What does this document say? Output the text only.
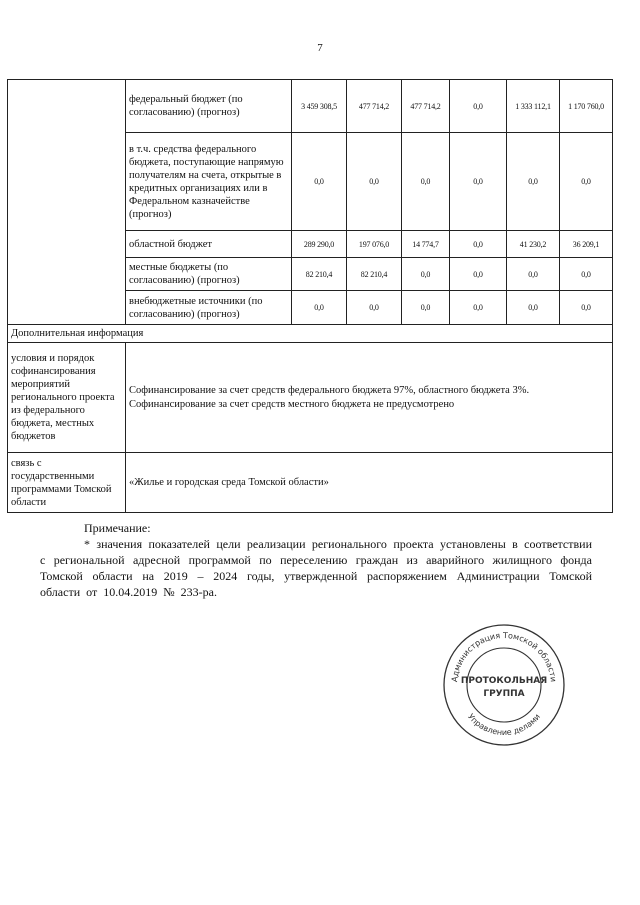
7
	федеральный бюджет (по согласованию) (прогноз)	3 459 308,5	477 714,2	477 714,2	0,0	1 333 112,1	1 170 760,0
	в т.ч. средства федерального бюджета, поступающие напрямую получателям на счета, открытые в кредитных организациях или в Федеральном казначействе (прогноз)	0,0	0,0	0,0	0,0	0,0	0,0
	областной бюджет	289 290,0	197 076,0	14 774,7	0,0	41 230,2	36 209,1
	местные бюджеты (по согласованию) (прогноз)	82 210,4	82 210,4	0,0	0,0	0,0	0,0
	внебюджетные источники (по согласованию) (прогноз)	0,0	0,0	0,0	0,0	0,0	0,0
Дополнительная информация							
условия и порядок софинансирования мероприятий регионального проекта из федерального бюджета, местных бюджетов	Софинансирование за счет средств федерального бюджета 97%, областного бюджета 3%. Софинансирование за счет средств местного бюджета не предусмотрено						
связь с государственными программами Томской области	«Жилье и городская среда Томской области»						

Примечание:

* значения показателей цели реализации регионального проекта установлены в соответствии с региональной адресной программой по переселению граждан из аварийного жилищного фонда Томской области на 2019 – 2024 годы, утвержденной распоряжением Администрации Томской области от 10.04.2019 № 233-ра.

Администрация Томской области
Управление делами
ПРОТОКОЛЬНАЯ
ГРУППА
